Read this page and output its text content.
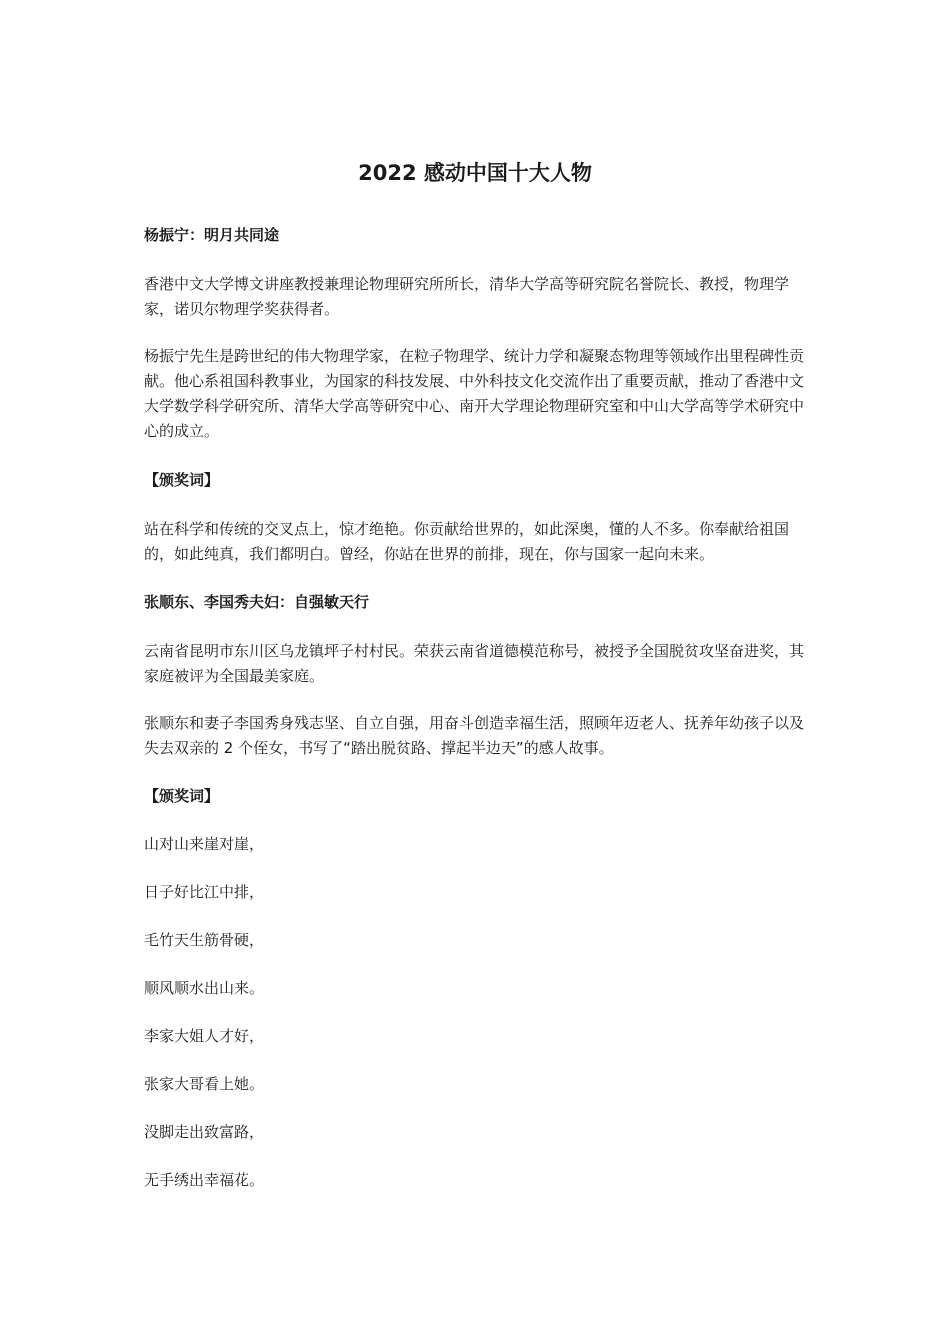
2022 感动中国十大人物

杨振宁：明月共同途

香港中文大学博文讲座教授兼理论物理研究所所长，清华大学高等研究院名誉院长、教授，物理学家，诺贝尔物理学奖获得者。

杨振宁先生是跨世纪的伟大物理学家，在粒子物理学、统计力学和凝聚态物理等领域作出里程碑性贡献。他心系祖国科教事业，为国家的科技发展、中外科技文化交流作出了重要贡献，推动了香港中文大学数学科学研究所、清华大学高等研究中心、南开大学理论物理研究室和中山大学高等学术研究中心的成立。

【颁奖词】

站在科学和传统的交叉点上，惊才绝艳。你贡献给世界的，如此深奥，懂的人不多。你奉献给祖国的，如此纯真，我们都明白。曾经，你站在世界的前排，现在，你与国家一起向未来。

张顺东、李国秀夫妇：自强敏天行

云南省昆明市东川区乌龙镇坪子村村民。荣获云南省道德模范称号，被授予全国脱贫攻坚奋进奖，其家庭被评为全国最美家庭。

张顺东和妻子李国秀身残志坚、自立自强，用奋斗创造幸福生活，照顾年迈老人、抚养年幼孩子以及失去双亲的 2 个侄女，书写了“踏出脱贫路、撑起半边天”的感人故事。

【颁奖词】

山对山来崖对崖，

日子好比江中排，

毛竹天生筋骨硬，

顺风顺水出山来。

李家大姐人才好，

张家大哥看上她。

没脚走出致富路，

无手绣出幸福花。
